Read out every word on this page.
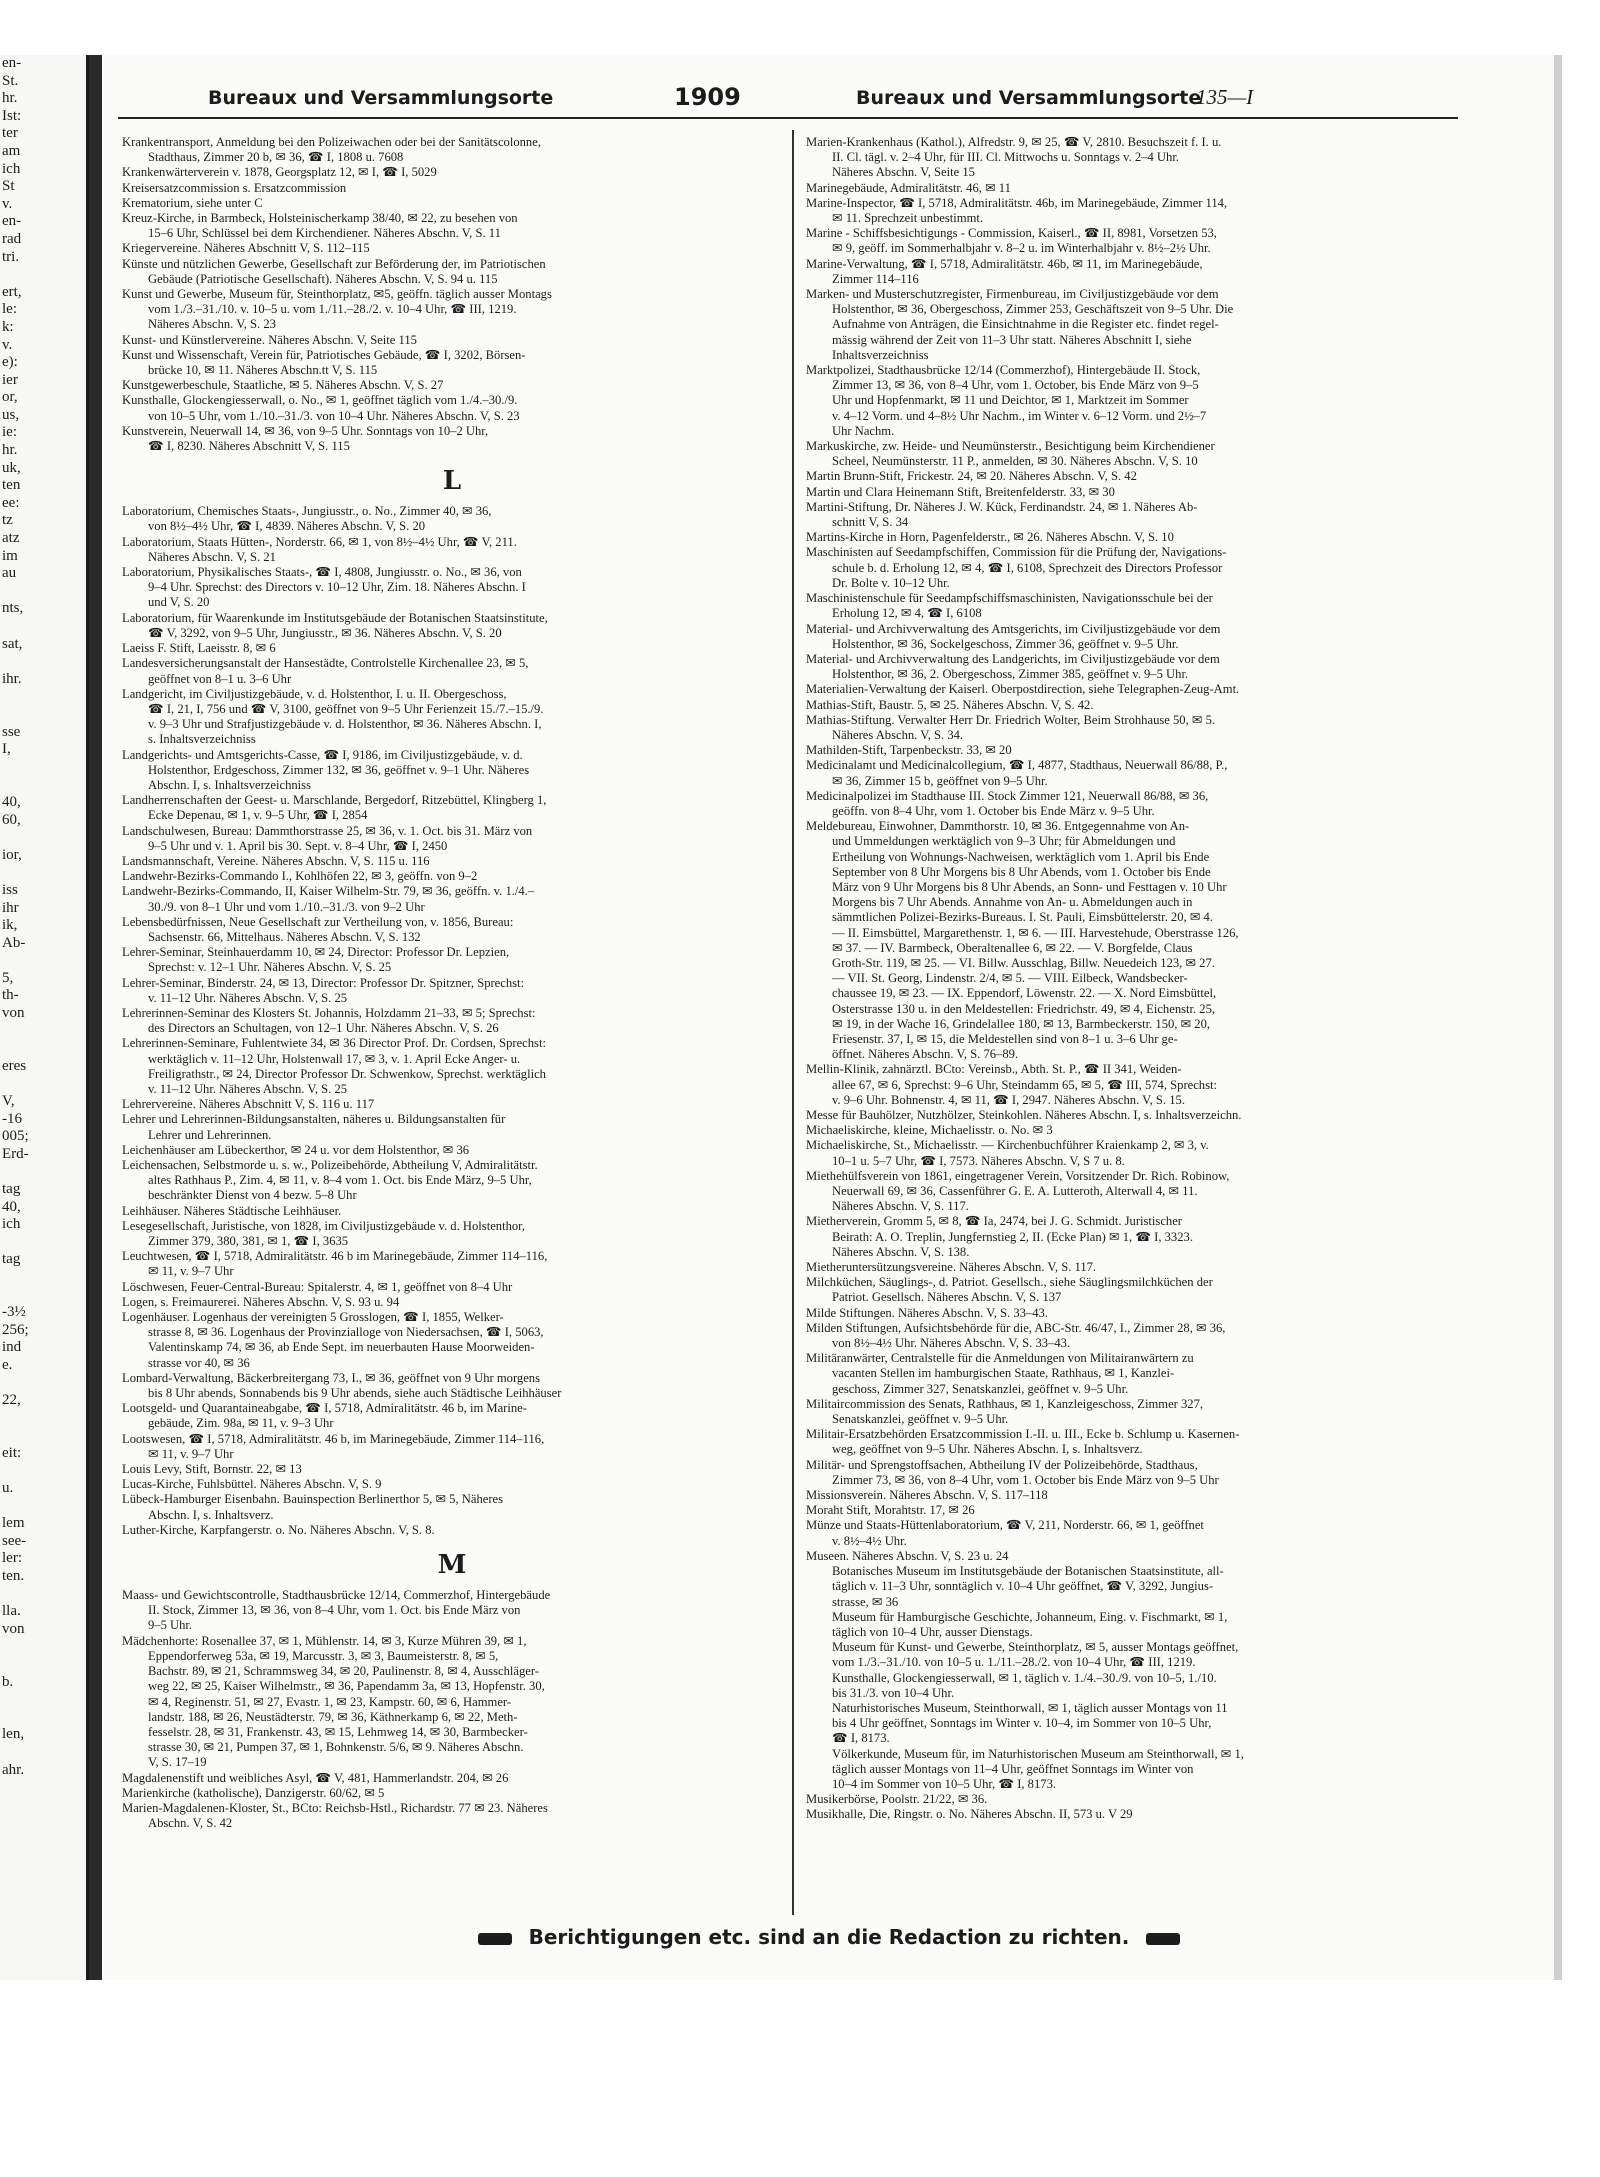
en-
St.
hr.
Ist:
ter
am
ich
St
v.
en-
rad
tri.

ert,
le:
k:
v.
e):
ier
or,
us,
ie:
hr.
uk,
ten
ee:
tz
atz
im
au

nts,

sat,

ihr.

sse
I,

40,
60,

ior,

iss
ihr
ik,
Ab-

5,
th-
von

eres

V,
-16
005;
Erd-

tag
40,
ich

tag

-3½
256;
ind
e.

22,

eit:

u.

lem
see-
ler:
ten.

lla.
von

b.

len,

ahr.
Bureaux und Versammlungsorte	1909	Bureaux und Versammlungsorte
135—I
Krankentransport, Anmeldung bei den Polizeiwachen oder bei der Sanitätscolonne,
Stadthaus, Zimmer 20 b, ✉ 36, ☎ I, 1808 u. 7608
Krankenwärterverein v. 1878, Georgsplatz 12, ✉ I, ☎ I, 5029
Kreisersatzcommission s. Ersatzcommission
Krematorium, siehe unter C
Kreuz-Kirche, in Barmbeck, Holsteinischerkamp 38/40, ✉ 22, zu besehen von
15–6 Uhr, Schlüssel bei dem Kirchendiener. Näheres Abschn. V, S. 11
Kriegervereine. Näheres Abschnitt V, S. 112–115
Künste und nützlichen Gewerbe, Gesellschaft zur Beförderung der, im Patriotischen
Gebäude (Patriotische Gesellschaft). Näheres Abschn. V, S. 94 u. 115
Kunst und Gewerbe, Museum für, Steinthorplatz, ✉5, geöffn. täglich ausser Montags
vom 1./3.–31./10. v. 10–5 u. vom 1./11.–28./2. v. 10–4 Uhr, ☎ III, 1219.
Näheres Abschn. V, S. 23
Kunst- und Künstlervereine. Näheres Abschn. V, Seite 115
Kunst und Wissenschaft, Verein für, Patriotisches Gebäude, ☎ I, 3202, Börsen-
brücke 10, ✉ 11. Näheres Abschn.tt V, S. 115
Kunstgewerbeschule, Staatliche, ✉ 5. Näheres Abschn. V, S. 27
Kunsthalle, Glockengiesserwall, o. No., ✉ 1, geöffnet täglich vom 1./4.–30./9.
von 10–5 Uhr, vom 1./10.–31./3. von 10–4 Uhr. Näheres Abschn. V, S. 23
Kunstverein, Neuerwall 14, ✉ 36, von 9–5 Uhr. Sonntags von 10–2 Uhr,
☎ I, 8230. Näheres Abschnitt V, S. 115
L
Laboratorium, Chemisches Staats-, Jungiusstr., o. No., Zimmer 40, ✉ 36,
von 8½–4½ Uhr, ☎ I, 4839. Näheres Abschn. V, S. 20
Laboratorium, Staats Hütten-, Norderstr. 66, ✉ 1, von 8½–4½ Uhr, ☎ V, 211.
Näheres Abschn. V, S. 21
Laboratorium, Physikalisches Staats-, ☎ I, 4808, Jungiusstr. o. No., ✉ 36, von
9–4 Uhr. Sprechst: des Directors v. 10–12 Uhr, Zim. 18. Näheres Abschn. I
und V, S. 20
Laboratorium, für Waarenkunde im Institutsgebäude der Botanischen Staatsinstitute,
☎ V, 3292, von 9–5 Uhr, Jungiusstr., ✉ 36. Näheres Abschn. V, S. 20
Laeiss F. Stift, Laeisstr. 8, ✉ 6
Landesversicherungsanstalt der Hansestädte, Controlstelle Kirchenallee 23, ✉ 5,
geöffnet von 8–1 u. 3–6 Uhr
Landgericht, im Civiljustizgebäude, v. d. Holstenthor, I. u. II. Obergeschoss,
☎ I, 21, I, 756 und ☎ V, 3100, geöffnet von 9–5 Uhr Ferienzeit 15./7.–15./9.
v. 9–3 Uhr und Strafjustizgebäude v. d. Holstenthor, ✉ 36. Näheres Abschn. I,
s. Inhaltsverzeichniss
Landgerichts- und Amtsgerichts-Casse, ☎ I, 9186, im Civiljustizgebäude, v. d.
Holstenthor, Erdgeschoss, Zimmer 132, ✉ 36, geöffnet v. 9–1 Uhr. Näheres
Abschn. I, s. Inhaltsverzeichniss
Landherrenschaften der Geest- u. Marschlande, Bergedorf, Ritzebüttel, Klingberg 1,
Ecke Depenau, ✉ 1, v. 9–5 Uhr, ☎ I, 2854
Landschulwesen, Bureau: Dammthorstrasse 25, ✉ 36, v. 1. Oct. bis 31. März von
9–5 Uhr und v. 1. April bis 30. Sept. v. 8–4 Uhr, ☎ I, 2450
Landsmannschaft, Vereine. Näheres Abschn. V, S. 115 u. 116
Landwehr-Bezirks-Commando I., Kohlhöfen 22, ✉ 3, geöffn. von 9–2
Landwehr-Bezirks-Commando, II, Kaiser Wilhelm-Str. 79, ✉ 36, geöffn. v. 1./4.–
30./9. von 8–1 Uhr und vom 1./10.–31./3. von 9–2 Uhr
Lebensbedürfnissen, Neue Gesellschaft zur Vertheilung von, v. 1856, Bureau:
Sachsenstr. 66, Mittelhaus. Näheres Abschn. V, S. 132
Lehrer-Seminar, Steinhauerdamm 10, ✉ 24, Director: Professor Dr. Lepzien,
Sprechst: v. 12–1 Uhr. Näheres Abschn. V, S. 25
Lehrer-Seminar, Binderstr. 24, ✉ 13, Director: Professor Dr. Spitzner, Sprechst:
v. 11–12 Uhr. Näheres Abschn. V, S. 25
Lehrerinnen-Seminar des Klosters St. Johannis, Holzdamm 21–33, ✉ 5; Sprechst:
des Directors an Schultagen, von 12–1 Uhr. Näheres Abschn. V, S. 26
Lehrerinnen-Seminare, Fuhlentwiete 34, ✉ 36 Director Prof. Dr. Cordsen, Sprechst:
werktäglich v. 11–12 Uhr, Holstenwall 17, ✉ 3, v. 1. April Ecke Anger- u.
Freiligrathstr., ✉ 24, Director Professor Dr. Schwenkow, Sprechst. werktäglich
v. 11–12 Uhr. Näheres Abschn. V, S. 25
Lehrervereine. Näheres Abschnitt V, S. 116 u. 117
Lehrer und Lehrerinnen-Bildungsanstalten, näheres u. Bildungsanstalten für
Lehrer und Lehrerinnen.
Leichenhäuser am Lübeckerthor, ✉ 24 u. vor dem Holstenthor, ✉ 36
Leichensachen, Selbstmorde u. s. w., Polizeibehörde, Abtheilung V, Admiralitätstr.
altes Rathhaus P., Zim. 4, ✉ 11, v. 8–4 vom 1. Oct. bis Ende März, 9–5 Uhr,
beschränkter Dienst von 4 bezw. 5–8 Uhr
Leihhäuser. Näheres Städtische Leihhäuser.
Lesegesellschaft, Juristische, von 1828, im Civiljustizgebäude v. d. Holstenthor,
Zimmer 379, 380, 381, ✉ 1, ☎ I, 3635
Leuchtwesen, ☎ I, 5718, Admiralitätstr. 46 b im Marinegebäude, Zimmer 114–116,
✉ 11, v. 9–7 Uhr
Löschwesen, Feuer-Central-Bureau: Spitalerstr. 4, ✉ 1, geöffnet von 8–4 Uhr
Logen, s. Freimaurerei. Näheres Abschn. V, S. 93 u. 94
Logenhäuser. Logenhaus der vereinigten 5 Grosslogen, ☎ I, 1855, Welker-
strasse 8, ✉ 36. Logenhaus der Provinzialloge von Niedersachsen, ☎ I, 5063,
Valentinskamp 74, ✉ 36, ab Ende Sept. im neuerbauten Hause Moorweiden-
strasse vor 40, ✉ 36
Lombard-Verwaltung, Bäckerbreitergang 73, I., ✉ 36, geöffnet von 9 Uhr morgens
bis 8 Uhr abends, Sonnabends bis 9 Uhr abends, siehe auch Städtische Leihhäuser
Lootsgeld- und Quarantaineabgabe, ☎ I, 5718, Admiralitätstr. 46 b, im Marine-
gebäude, Zim. 98a, ✉ 11, v. 9–3 Uhr
Lootswesen, ☎ I, 5718, Admiralitätstr. 46 b, im Marinegebäude, Zimmer 114–116,
✉ 11, v. 9–7 Uhr
Louis Levy, Stift, Bornstr. 22, ✉ 13
Lucas-Kirche, Fuhlsbüttel. Näheres Abschn. V, S. 9
Lübeck-Hamburger Eisenbahn. Bauinspection Berlinerthor 5, ✉ 5, Näheres
Abschn. I, s. Inhaltsverz.
Luther-Kirche, Karpfangerstr. o. No. Näheres Abschn. V, S. 8.
M
Maass- und Gewichtscontrolle, Stadthausbrücke 12/14, Commerzhof, Hintergebäude
II. Stock, Zimmer 13, ✉ 36, von 8–4 Uhr, vom 1. Oct. bis Ende März von
9–5 Uhr.
Mädchenhorte: Rosenallee 37, ✉ 1, Mühlenstr. 14, ✉ 3, Kurze Mühren 39, ✉ 1,
Eppendorferweg 53a, ✉ 19, Marcusstr. 3, ✉ 3, Baumeisterstr. 8, ✉ 5,
Bachstr. 89, ✉ 21, Schrammsweg 34, ✉ 20, Paulinenstr. 8, ✉ 4, Ausschläger-
weg 22, ✉ 25, Kaiser Wilhelmstr., ✉ 36, Papendamm 3a, ✉ 13, Hopfenstr. 30,
✉ 4, Reginenstr. 51, ✉ 27, Evastr. 1, ✉ 23, Kampstr. 60, ✉ 6, Hammer-
landstr. 188, ✉ 26, Neustädterstr. 79, ✉ 36, Käthnerkamp 6, ✉ 22, Meth-
fesselstr. 28, ✉ 31, Frankenstr. 43, ✉ 15, Lehmweg 14, ✉ 30, Barmbecker-
strasse 30, ✉ 21, Pumpen 37, ✉ 1, Bohnkenstr. 5/6, ✉ 9. Näheres Abschn.
V, S. 17–19
Magdalenenstift und weibliches Asyl, ☎ V, 481, Hammerlandstr. 204, ✉ 26
Marienkirche (katholische), Danzigerstr. 60/62, ✉ 5
Marien-Magdalenen-Kloster, St., BCto: Reichsb-Hstl., Richardstr. 77 ✉ 23. Näheres
Abschn. V, S. 42
Marien-Krankenhaus (Kathol.), Alfredstr. 9, ✉ 25, ☎ V, 2810. Besuchszeit f. I. u.
II. Cl. tägl. v. 2–4 Uhr, für III. Cl. Mittwochs u. Sonntags v. 2–4 Uhr.
Näheres Abschn. V, Seite 15
Marinegebäude, Admiralitätstr. 46, ✉ 11
Marine-Inspector, ☎ I, 5718, Admiralitätstr. 46b, im Marinegebäude, Zimmer 114,
✉ 11. Sprechzeit unbestimmt.
Marine - Schiffsbesichtigungs - Commission, Kaiserl., ☎ II, 8981, Vorsetzen 53,
✉ 9, geöff. im Sommerhalbjahr v. 8–2 u. im Winterhalbjahr v. 8½–2½ Uhr.
Marine-Verwaltung, ☎ I, 5718, Admiralitätstr. 46b, ✉ 11, im Marinegebäude,
Zimmer 114–116
Marken- und Musterschutzregister, Firmenbureau, im Civiljustizgebäude vor dem
Holstenthor, ✉ 36, Obergeschoss, Zimmer 253, Geschäftszeit von 9–5 Uhr. Die
Aufnahme von Anträgen, die Einsichtnahme in die Register etc. findet regel-
mässig während der Zeit von 11–3 Uhr statt. Näheres Abschnitt I, siehe
Inhaltsverzeichniss
Marktpolizei, Stadthausbrücke 12/14 (Commerzhof), Hintergebäude II. Stock,
Zimmer 13, ✉ 36, von 8–4 Uhr, vom 1. October, bis Ende März von 9–5
Uhr und Hopfenmarkt, ✉ 11 und Deichtor, ✉ 1, Marktzeit im Sommer
v. 4–12 Vorm. und 4–8½ Uhr Nachm., im Winter v. 6–12 Vorm. und 2½–7
Uhr Nachm.
Markuskirche, zw. Heide- und Neumünsterstr., Besichtigung beim Kirchendiener
Scheel, Neumünsterstr. 11 P., anmelden, ✉ 30. Näheres Abschn. V, S. 10
Martin Brunn-Stift, Frickestr. 24, ✉ 20. Näheres Abschn. V, S. 42
Martin und Clara Heinemann Stift, Breitenfelderstr. 33, ✉ 30
Martini-Stiftung, Dr. Näheres J. W. Kück, Ferdinandstr. 24, ✉ 1. Näheres Ab-
schnitt V, S. 34
Martins-Kirche in Horn, Pagenfelderstr., ✉ 26. Näheres Abschn. V, S. 10
Maschinisten auf Seedampfschiffen, Commission für die Prüfung der, Navigations-
schule b. d. Erholung 12, ✉ 4, ☎ I, 6108, Sprechzeit des Directors Professor
Dr. Bolte v. 10–12 Uhr.
Maschinistenschule für Seedampfschiffsmaschinisten, Navigationsschule bei der
Erholung 12, ✉ 4, ☎ I, 6108
Material- und Archivverwaltung des Amtsgerichts, im Civiljustizgebäude vor dem
Holstenthor, ✉ 36, Sockelgeschoss, Zimmer 36, geöffnet v. 9–5 Uhr.
Material- und Archivverwaltung des Landgerichts, im Civiljustizgebäude vor dem
Holstenthor, ✉ 36, 2. Obergeschoss, Zimmer 385, geöffnet v. 9–5 Uhr.
Materialien-Verwaltung der Kaiserl. Oberpostdirection, siehe Telegraphen-Zeug-Amt.
Mathias-Stift, Baustr. 5, ✉ 25. Näheres Abschn. V, S. 42.
Mathias-Stiftung. Verwalter Herr Dr. Friedrich Wolter, Beim Strohhause 50, ✉ 5.
Näheres Abschn. V, S. 34.
Mathilden-Stift, Tarpenbeckstr. 33, ✉ 20
Medicinalamt und Medicinalcollegium, ☎ I, 4877, Stadthaus, Neuerwall 86/88, P.,
✉ 36, Zimmer 15 b, geöffnet von 9–5 Uhr.
Medicinalpolizei im Stadthause III. Stock Zimmer 121, Neuerwall 86/88, ✉ 36,
geöffn. von 8–4 Uhr, vom 1. October bis Ende März v. 9–5 Uhr.
Meldebureau, Einwohner, Dammthorstr. 10, ✉ 36. Entgegennahme von An-
und Ummeldungen werktäglich von 9–3 Uhr; für Abmeldungen und
Ertheilung von Wohnungs-Nachweisen, werktäglich vom 1. April bis Ende
September von 8 Uhr Morgens bis 8 Uhr Abends, vom 1. October bis Ende
März von 9 Uhr Morgens bis 8 Uhr Abends, an Sonn- und Festtagen v. 10 Uhr
Morgens bis 7 Uhr Abends. Annahme von An- u. Abmeldungen auch in
sämmtlichen Polizei-Bezirks-Bureaus. I. St. Pauli, Eimsbüttelerstr. 20, ✉ 4.
— II. Eimsbüttel, Margarethenstr. 1, ✉ 6. — III. Harvestehude, Oberstrasse 126,
✉ 37. — IV. Barmbeck, Oberaltenallee 6, ✉ 22. — V. Borgfelde, Claus
Groth-Str. 119, ✉ 25. — VI. Billw. Ausschlag, Billw. Neuedeich 123, ✉ 27.
— VII. St. Georg, Lindenstr. 2/4, ✉ 5. — VIII. Eilbeck, Wandsbecker-
chaussee 19, ✉ 23. — IX. Eppendorf, Löwenstr. 22. — X. Nord Eimsbüttel,
Osterstrasse 130 u. in den Meldestellen: Friedrichstr. 49, ✉ 4, Eichenstr. 25,
✉ 19, in der Wache 16, Grindelallee 180, ✉ 13, Barmbeckerstr. 150, ✉ 20,
Friesenstr. 37, I, ✉ 15, die Meldestellen sind von 8–1 u. 3–6 Uhr ge-
öffnet. Näheres Abschn. V, S. 76–89.
Mellin-Klinik, zahnärztl. BCto: Vereinsb., Abth. St. P., ☎ II 341, Weiden-
allee 67, ✉ 6, Sprechst: 9–6 Uhr, Steindamm 65, ✉ 5, ☎ III, 574, Sprechst:
v. 9–6 Uhr. Bohnenstr. 4, ✉ 11, ☎ I, 2947. Näheres Abschn. V, S. 15.
Messe für Bauhölzer, Nutzhölzer, Steinkohlen. Näheres Abschn. I, s. Inhaltsverzeichn.
Michaeliskirche, kleine, Michaelisstr. o. No. ✉ 3
Michaeliskirche, St., Michaelisstr. — Kirchenbuchführer Kraienkamp 2, ✉ 3, v.
10–1 u. 5–7 Uhr, ☎ I, 7573. Näheres Abschn. V, S 7 u. 8.
Miethehülfsverein von 1861, eingetragener Verein, Vorsitzender Dr. Rich. Robinow,
Neuerwall 69, ✉ 36, Cassenführer G. E. A. Lutteroth, Alterwall 4, ✉ 11.
Näheres Abschn. V, S. 117.
Mietherverein, Gromm 5, ✉ 8, ☎ Ia, 2474, bei J. G. Schmidt. Juristischer
Beirath: A. O. Treplin, Jungfernstieg 2, II. (Ecke Plan) ✉ 1, ☎ I, 3323.
Näheres Abschn. V, S. 138.
Mietheruntersützungsvereine. Näheres Abschn. V, S. 117.
Milchküchen, Säuglings-, d. Patriot. Gesellsch., siehe Säuglingsmilchküchen der
Patriot. Gesellsch. Näheres Abschn. V, S. 137
Milde Stiftungen. Näheres Abschn. V, S. 33–43.
Milden Stiftungen, Aufsichtsbehörde für die, ABC-Str. 46/47, I., Zimmer 28, ✉ 36,
von 8½–4½ Uhr. Näheres Abschn. V, S. 33–43.
Militäranwärter, Centralstelle für die Anmeldungen von Militairanwärtern zu
vacanten Stellen im hamburgischen Staate, Rathhaus, ✉ 1, Kanzlei-
geschoss, Zimmer 327, Senatskanzlei, geöffnet v. 9–5 Uhr.
Militaircommission des Senats, Rathhaus, ✉ 1, Kanzleigeschoss, Zimmer 327,
Senatskanzlei, geöffnet v. 9–5 Uhr.
Militair-Ersatzbehörden Ersatzcommission I.-II. u. III., Ecke b. Schlump u. Kasernen-
weg, geöffnet von 9–5 Uhr. Näheres Abschn. I, s. Inhaltsverz.
Militär- und Sprengstoffsachen, Abtheilung IV der Polizeibehörde, Stadthaus,
Zimmer 73, ✉ 36, von 8–4 Uhr, vom 1. October bis Ende März von 9–5 Uhr
Missionsverein. Näheres Abschn. V, S. 117–118
Moraht Stift, Morahtstr. 17, ✉ 26
Münze und Staats-Hüttenlaboratorium, ☎ V, 211, Norderstr. 66, ✉ 1, geöffnet
v. 8½–4½ Uhr.
Museen. Näheres Abschn. V, S. 23 u. 24
Botanisches Museum im Institutsgebäude der Botanischen Staatsinstitute, all-
täglich v. 11–3 Uhr, sonntäglich v. 10–4 Uhr geöffnet, ☎ V, 3292, Jungius-
strasse, ✉ 36
Museum für Hamburgische Geschichte, Johanneum, Eing. v. Fischmarkt, ✉ 1,
täglich von 10–4 Uhr, ausser Dienstags.
Museum für Kunst- und Gewerbe, Steinthorplatz, ✉ 5, ausser Montags geöffnet,
vom 1./3.–31./10. von 10–5 u. 1./11.–28./2. von 10–4 Uhr, ☎ III, 1219.
Kunsthalle, Glockengiesserwall, ✉ 1, täglich v. 1./4.–30./9. von 10–5, 1./10.
bis 31./3. von 10–4 Uhr.
Naturhistorisches Museum, Steinthorwall, ✉ 1, täglich ausser Montags von 11
bis 4 Uhr geöffnet, Sonntags im Winter v. 10–4, im Sommer von 10–5 Uhr,
☎ I, 8173.
Völkerkunde, Museum für, im Naturhistorischen Museum am Steinthorwall, ✉ 1,
täglich ausser Montags von 11–4 Uhr, geöffnet Sonntags im Winter von
10–4 im Sommer von 10–5 Uhr, ☎ I, 8173.
Musikerbörse, Poolstr. 21/22, ✉ 36.
Musikhalle, Die, Ringstr. o. No. Näheres Abschn. II, 573 u. V 29
Berichtigungen etc. sind an die Redaction zu richten.
